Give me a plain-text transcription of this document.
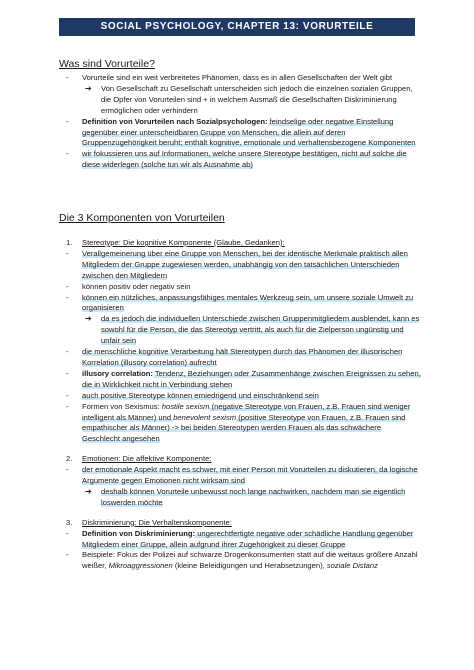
SOCIAL PSYCHOLOGY, CHAPTER 13: VORURTEILE
Was sind Vorurteile?

- Vorurteile sind ein weit verbreitetes Phänomen, dass es in allen Gesellschaften der Welt gibt

➔ Von Gesellschaft zu Gesellschaft unterscheiden sich jedoch die einzelnen sozialen Gruppen, die Opfer von Vorurteilen sind + in welchem Ausmaß die Gesellschaften Diskriminierung ermöglichen oder verhindern

- Definition von Vorurteilen nach Sozialpsychologen: feindselige oder negative Einstellung gegenüber einer unterscheidbaren Gruppe von Menschen, die allein auf deren Gruppenzugehörigkeit beruht; enthält kognitive, emotionale und verhaltensbezogene Komponenten

- wir fokussieren uns auf Informationen, welche unsere Stereotype bestätigen, nicht auf solche die diese widerlegen (solche tun wir als Ausnahme ab)

Die 3 Komponenten von Vorurteilen

1. Stereotype: Die kognitive Komponente (Glaube, Gedanken):

- Verallgemeinerung über eine Gruppe von Menschen, bei der identische Merkmale praktisch allen Mitgliedern der Gruppe zugewiesen werden, unabhängig von den tatsächlichen Unterschieden zwischen den Mitgliedern

- können positiv oder negativ sein

- können ein nützliches, anpassungsfähiges mentales Werkzeug sein, um unsere soziale Umwelt zu organisieren

➔ da es jedoch die individuellen Unterschiede zwischen Gruppenmitgliedern ausblendet, kann es sowohl für die Person, die das Stereotyp vertritt, als auch für die Zielperson ungünstig und unfair sein

- die menschliche kognitive Verarbeitung hält Stereotypen durch das Phänomen der illusorischen Korrelation (illusory correlation) aufrecht

- illusory correlation: Tendenz, Beziehungen oder Zusammenhänge zwischen Ereignissen zu sehen, die in Wirklichkeit nicht in Verbindung stehen

- auch positive Stereotype können erniedrigend und einschränkend sein

- Formen von Sexismus: hostile sexism (negative Stereotype von Frauen, z.B. Frauen sind weniger intelligent als Männer) und benevolent sexism (positive Stereotype von Frauen, z.B. Frauen sind empathischer als Männer) -> bei beiden Stereotypen werden Frauen als das schwächere Geschlecht angesehen

2. Emotionen: Die affektive Komponente:

- der emotionale Aspekt macht es schwer, mit einer Person mit Vorurteilen zu diskutieren, da logische Argumente gegen Emotionen nicht wirksam sind

➔ deshalb können Vorurteile unbewusst noch lange nachwirken, nachdem man sie eigentlich loswerden möchte

3. Diskriminierung: Die Verhaltenskomponente:

- Definition von Diskriminierung: ungerechtfertigte negative oder schädliche Handlung gegenüber Mitgliedern einer Gruppe, allein aufgrund ihrer Zugehörigkeit zu dieser Gruppe

- Beispiele: Fokus der Polizei auf schwarze Drogenkonsumenten statt auf die weitaus größere Anzahl weißer, Mikroaggressionen (kleine Beleidigungen und Herabsetzungen), soziale Distanz
